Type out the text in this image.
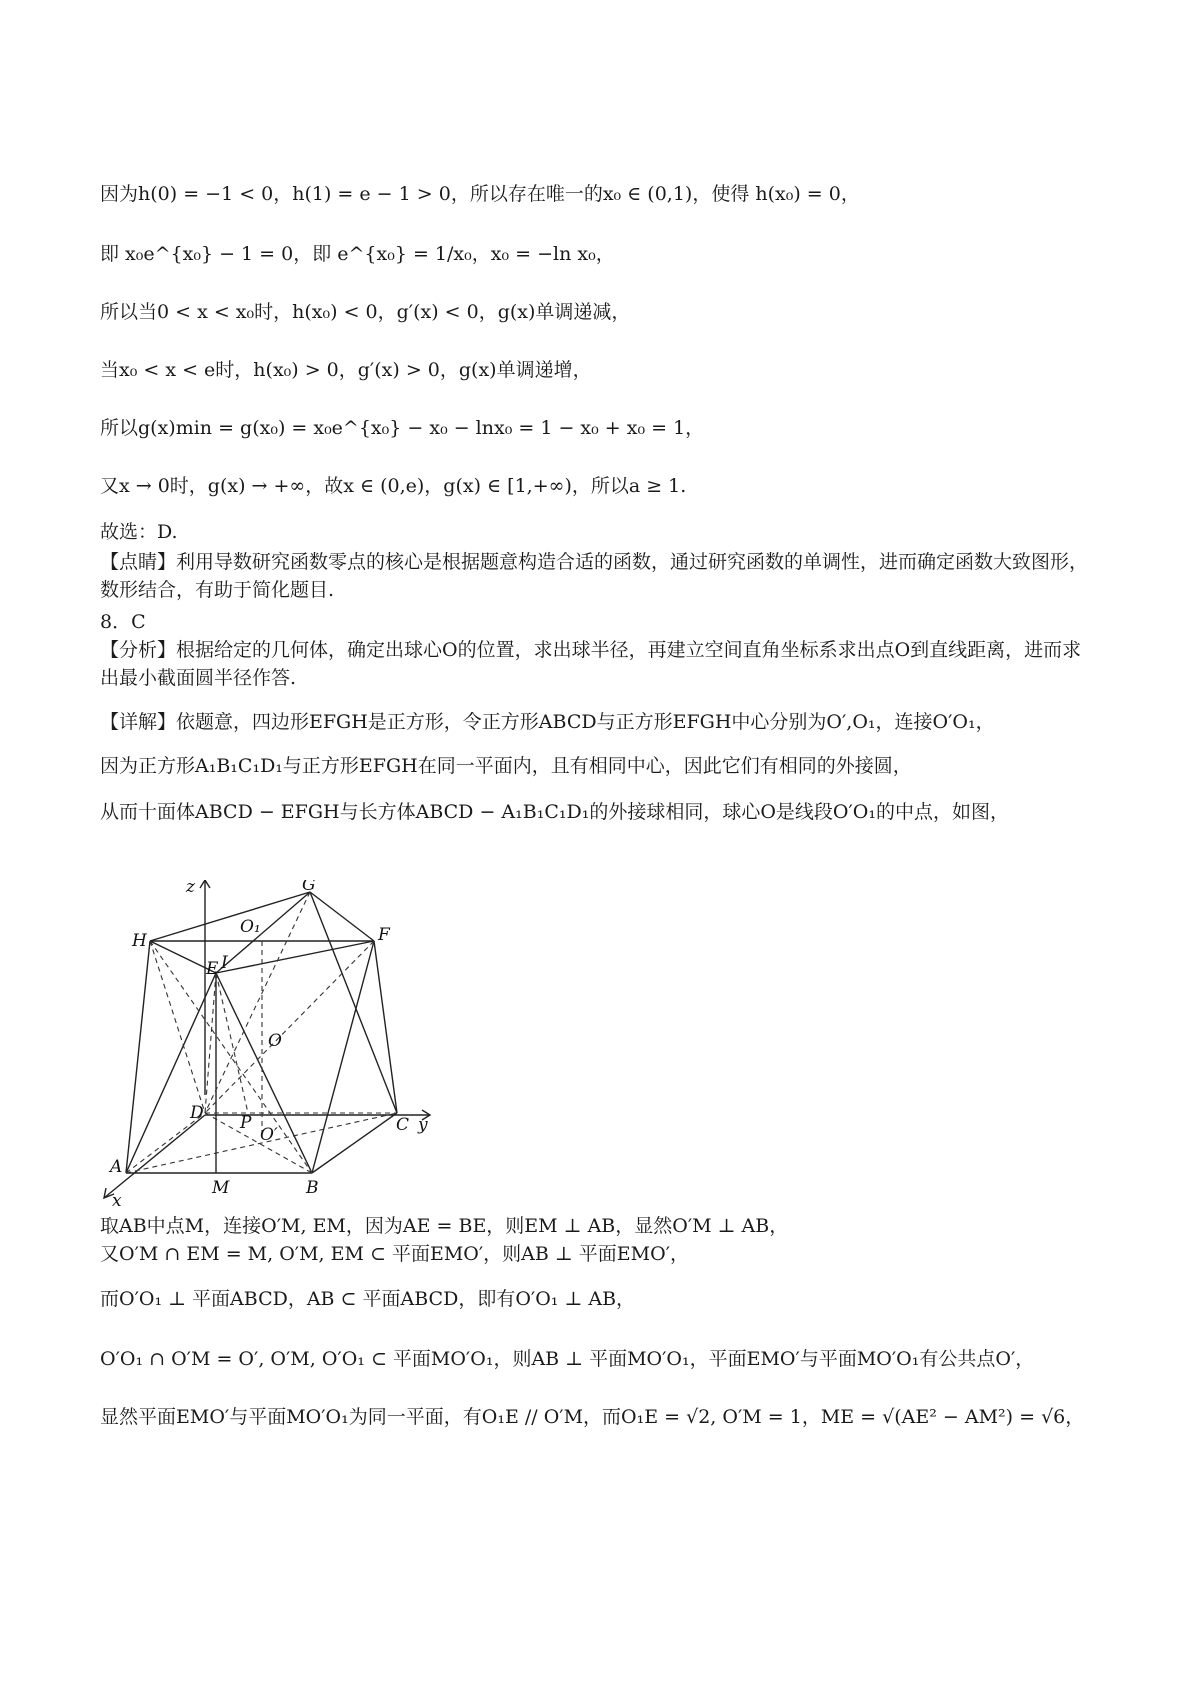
因为h(0) = −1 < 0，h(1) = e − 1 > 0，所以存在唯一的x₀ ∈ (0,1)，使得 h(x₀) = 0，
即 x₀e^{x₀} − 1 = 0，即 e^{x₀} = 1/x₀，x₀ = −ln x₀，
所以当0 < x < x₀时，h(x₀) < 0，g′(x) < 0，g(x)单调递减，
当x₀ < x < e时，h(x₀) > 0，g′(x) > 0，g(x)单调递增，
所以g(x)min = g(x₀) = x₀e^{x₀} − x₀ − lnx₀ = 1 − x₀ + x₀ = 1，
又x → 0时，g(x) → +∞，故x ∈ (0,e)，g(x) ∈ [1,+∞)，所以a ≥ 1.
故选：D.
【点睛】利用导数研究函数零点的核心是根据题意构造合适的函数，通过研究函数的单调性，进而确定函数大致图形，数形结合，有助于简化题目.
8．C
【分析】根据给定的几何体，确定出球心O的位置，求出球半径，再建立空间直角坐标系求出点O到直线距离，进而求出最小截面圆半径作答.
【详解】依题意，四边形EFGH是正方形，令正方形ABCD与正方形EFGH中心分别为O′,O₁，连接O′O₁，
因为正方形A₁B₁C₁D₁与正方形EFGH在同一平面内，且有相同中心，因此它们有相同的外接圆，
从而十面体ABCD − EFGH与长方体ABCD − A₁B₁C₁D₁的外接球相同，球心O是线段O′O₁的中点，如图，
z	G
O₁
H	F
E I
O
D P
O′	C y
A
M	B
x
取AB中点M，连接O′M, EM，因为AE = BE，则EM ⊥ AB，显然O′M ⊥ AB，
又O′M ∩ EM = M, O′M, EM ⊂ 平面EMO′，则AB ⊥ 平面EMO′，
而O′O₁ ⊥ 平面ABCD，AB ⊂ 平面ABCD，即有O′O₁ ⊥ AB，
O′O₁ ∩ O′M = O′, O′M, O′O₁ ⊂ 平面MO′O₁，则AB ⊥ 平面MO′O₁，平面EMO′与平面MO′O₁有公共点O′，
显然平面EMO′与平面MO′O₁为同一平面，有O₁E // O′M，而O₁E = √2, O′M = 1，ME = √(AE² − AM²) = √6，
